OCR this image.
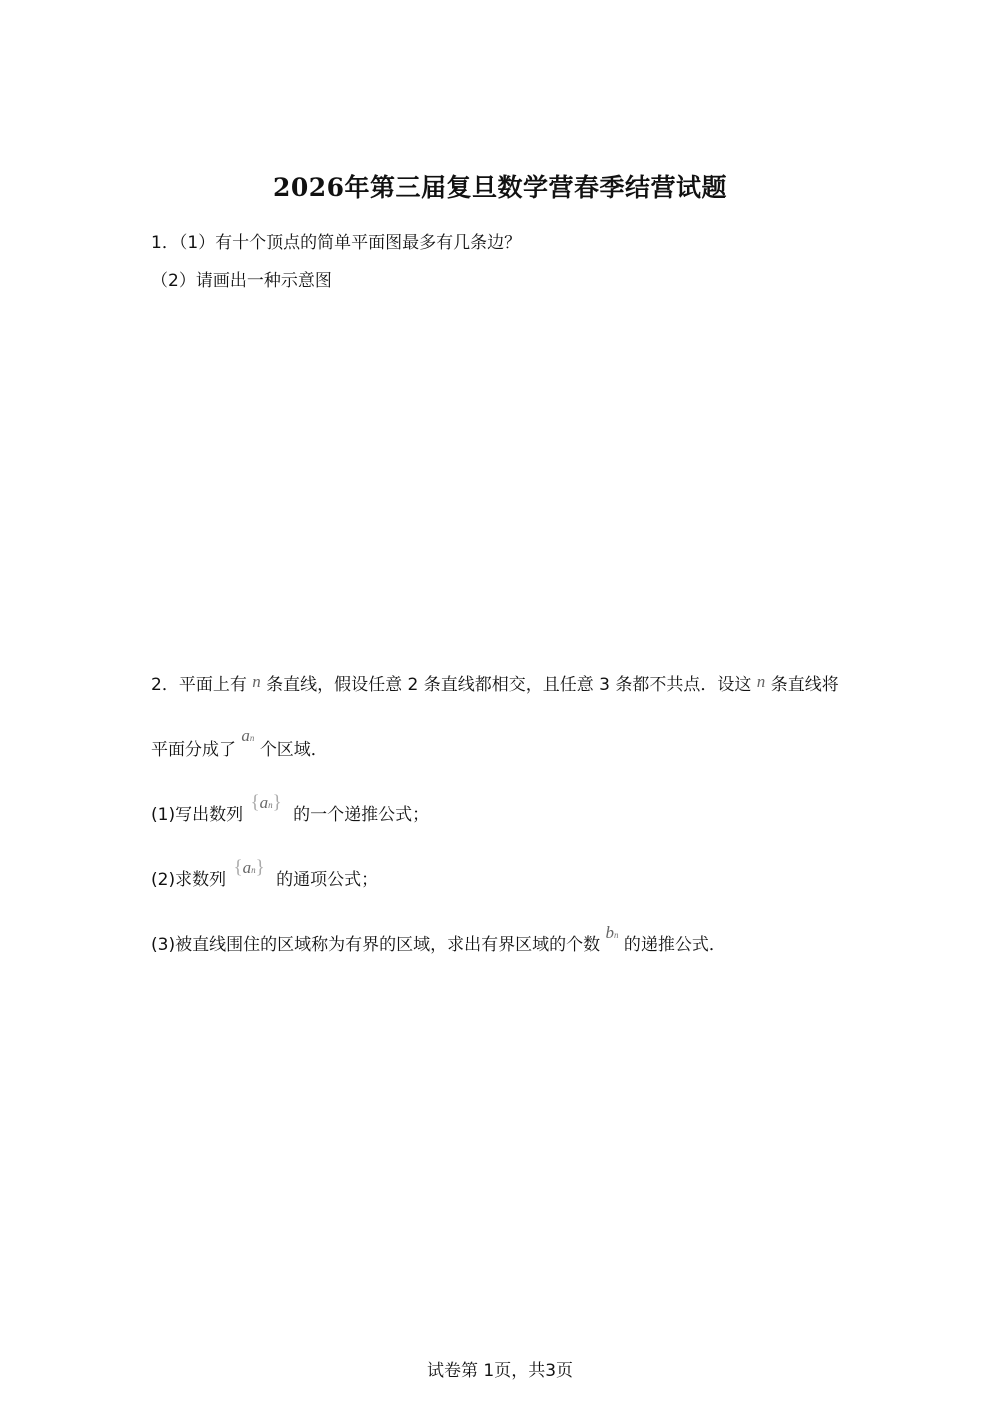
2026年第三届复旦数学营春季结营试题
1．（1）有十个顶点的简单平面图最多有几条边？
（2）请画出一种示意图
2．平面上有 n 条直线，假设任意 2 条直线都相交，且任意 3 条都不共点．设这 n 条直线将
平面分成了 an 个区域．
(1)写出数列 {an} 的一个递推公式；
(2)求数列 {an} 的通项公式；
(3)被直线围住的区域称为有界的区域，求出有界区域的个数 bn 的递推公式．
试卷第 1页，共3页
